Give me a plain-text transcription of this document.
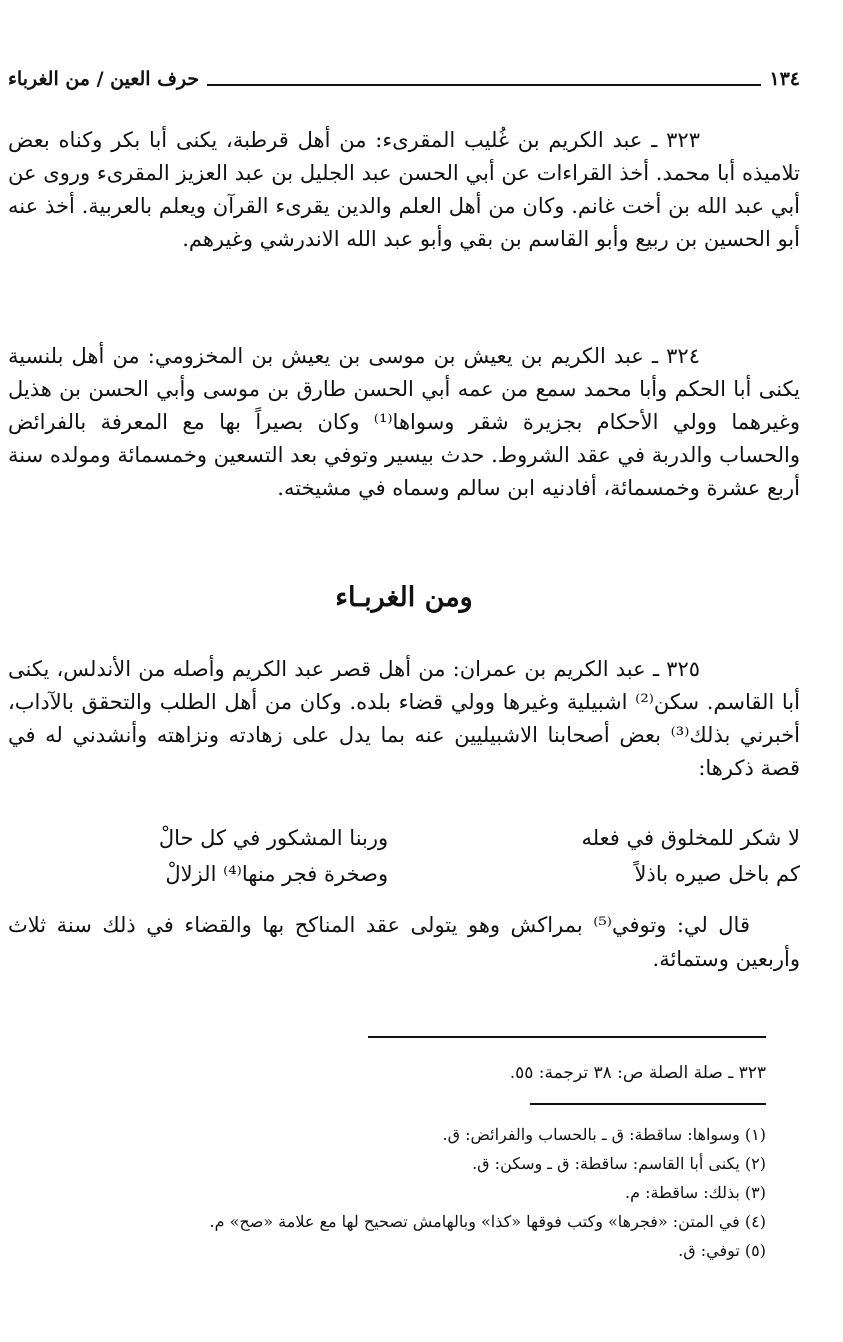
١٣٤
حرف العين / من الغرباء

٣٢٣ ـ عبد الكريم بن غُليب المقرىء: من أهل قرطبة، يكنى أبا بكر وكناه بعض تلاميذه أبا محمد. أخذ القراءات عن أبي الحسن عبد الجليل بن عبد العزيز المقرىء وروى عن أبي عبد الله بن أخت غانم. وكان من أهل العلم والدين يقرىء القرآن ويعلم بالعربية. أخذ عنه أبو الحسين بن ربيع وأبو القاسم بن بقي وأبو عبد الله الاندرشي وغيرهم.

٣٢٤ ـ عبد الكريم بن يعيش بن موسى بن يعيش بن المخزومي: من أهل بلنسية يكنى أبا الحكم وأبا محمد سمع من عمه أبي الحسن طارق بن موسى وأبي الحسن بن هذيل وغيرهما وولي الأحكام بجزيرة شقر وسواها⁽¹⁾ وكان بصيراً بها مع المعرفة بالفرائض والحساب والدربة في عقد الشروط. حدث بيسير وتوفي بعد التسعين وخمسمائة ومولده سنة أربع عشرة وخمسمائة، أفادنيه ابن سالم وسماه في مشيخته.

ومن الغربـاء

٣٢٥ ـ عبد الكريم بن عمران: من أهل قصر عبد الكريم وأصله من الأندلس، يكنى أبا القاسم. سكن⁽²⁾ اشبيلية وغيرها وولي قضاء بلده. وكان من أهل الطلب والتحقق بالآداب، أخبرني بذلك⁽³⁾ بعض أصحابنا الاشبيليين عنه بما يدل على زهادته ونزاهته وأنشدني له في قصة ذكرها:

لا شكر للمخلوق في فعله
وربنا المشكور في كل حالْ
كم باخل صيره باذلاً
وصخرة فجر منها⁽⁴⁾ الزلالْ

قال لي: وتوفي⁽⁵⁾ بمراكش وهو يتولى عقد المناكح بها والقضاء في ذلك سنة ثلاث وأربعين وستمائة.

٣٢٣ ـ صلة الصلة ص: ٣٨ ترجمة: ٥٥.
(١) وسواها: ساقطة: ق ـ بالحساب والفرائض: ق.
(٢) يكنى أبا القاسم: ساقطة: ق ـ وسكن: ق.
(٣) بذلك: ساقطة: م.
(٤) في المتن: «فجرها» وكتب فوقها «كذا» وبالهامش تصحيح لها مع علامة «صح» م.
(٥) توفي: ق.
